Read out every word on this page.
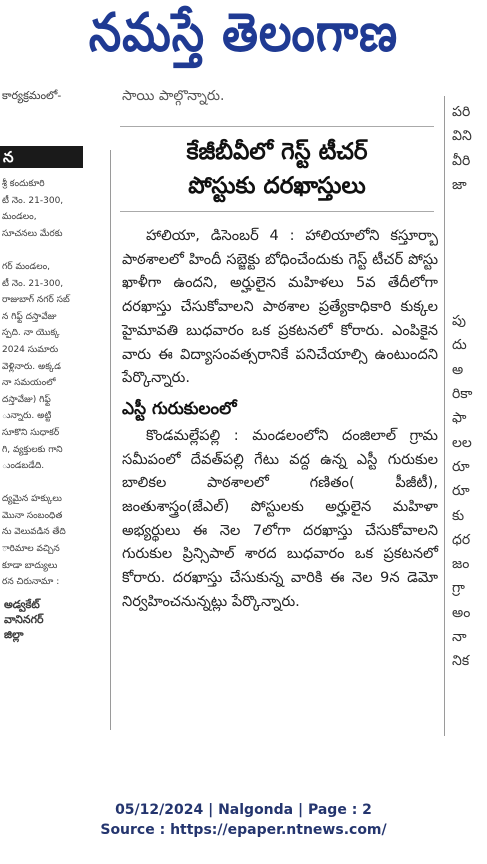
నమస్తే తెలంగాణ
కార్యక్రమంలో-
న
శ్రీ కందుకూరి
టీ నెం. 21-300,
మండలం,
సూచనలు మేరకు
గర్ మండలం,
టీ నెం. 21-300,
రాజుబాగ్ నగర్ సబ్
న గిఫ్ట్ దస్తావేజు
స్పది. నా యొక్క
2024 సుమారు
వెళ్లినారు. అక్కడ
నా సమయంలో
దస్తావేజు) గిఫ్ట్
ున్నారు. అట్టి
సూకొని సుధాకర్
గి, వ్యక్తులకు గాని
ుండబడేది.
ద్యమైన హక్కులు
మొనా సంబంధిత
ను వెలువడిన తేది
ారిమాల వచ్చిన
కూడా బాద్యులు
రన చిరునామా :
అడ్వకేట్
వానినగర్
జిల్లా
సాయి పాల్గొన్నారు.
కేజీబీవీలో గెస్ట్ టీచర్
పోస్టుకు దరఖాస్తులు
హాలియా, డిసెంబర్ 4 : హాలియాలోని కస్తూర్బా పాఠశాలలో హిందీ సబ్జెక్టు బోధించేందుకు గెస్ట్ టీచర్ పోస్టు ఖాళీగా ఉందని, అర్హులైన మహిళలు 5వ తేదీలోగా దరఖాస్తు చేసుకోవాలని పాఠశాల ప్రత్యేకాధికారి కుక్కల హైమావతి బుధవారం ఒక ప్రకటనలో కోరారు. ఎంపికైన వారు ఈ విద్యాసంవత్సరానికే పనిచేయాల్సి ఉంటుందని పేర్కొన్నారు.
ఎస్టీ గురుకులంలో
కొండమల్లేపల్లి : మండలంలోని దంజిలాల్ గ్రామ సమీపంలో దేవత్‌పల్లి గేటు వద్ద ఉన్న ఎస్టీ గురుకుల బాలికల పాఠశాలలో గణితం( పీజీటీ), జంతుశాస్త్రం(జేఎల్) పోస్టులకు అర్హులైన మహిళా అభ్యర్థులు ఈ నెల 7లోగా దరఖాస్తు చేసుకోవాలని గురుకుల ప్రిన్సిపాల్ శారద బుధవారం ఒక ప్రకటనలో కోరారు. దరఖాస్తు చేసుకున్న వారికి ఈ నెల 9న డెమో నిర్వహించనున్నట్లు పేర్కొన్నారు.
పరి
విని
వీరి
జా
పు
దు
అ
రికా
ఫా
లల
రూ
రూ
కు
ధర
జం
గ్రా
అం
నా
నిక
05/12/2024 | Nalgonda | Page : 2
Source : https://epaper.ntnews.com/
